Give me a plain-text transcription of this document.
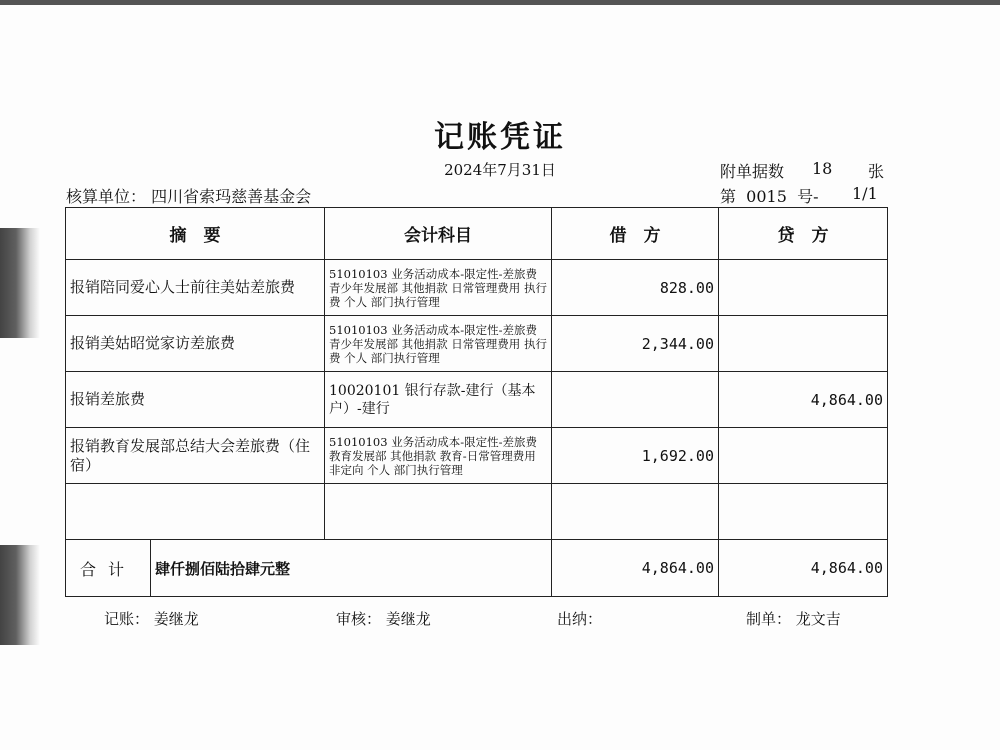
记账凭证
2024年7月31日	附单据数 18 张
核算单位： 四川省索玛慈善基金会	第  0015  号- 1/1
摘　要	会计科目	借　方	贷　方
报销陪同爱心人士前往美姑差旅费	51010103 业务活动成本-限定性-差旅费 青少年发展部 其他捐款 日常管理费用 执行费 个人 部门执行管理	828.00	
报销美姑昭觉家访差旅费	51010103 业务活动成本-限定性-差旅费 青少年发展部 其他捐款 日常管理费用 执行费 个人 部门执行管理	2,344.00	
报销差旅费	10020101 银行存款-建行（基本户）-建行		4,864.00
报销教育发展部总结大会差旅费（住宿）	51010103 业务活动成本-限定性-差旅费 教育发展部 其他捐款 教育-日常管理费用 非定向 个人 部门执行管理	1,692.00	

合计 肆仟捌佰陆拾肆元整		4,864.00	4,864.00
记账： 姜继龙	审核： 姜继龙	出纳：	制单： 龙文吉
